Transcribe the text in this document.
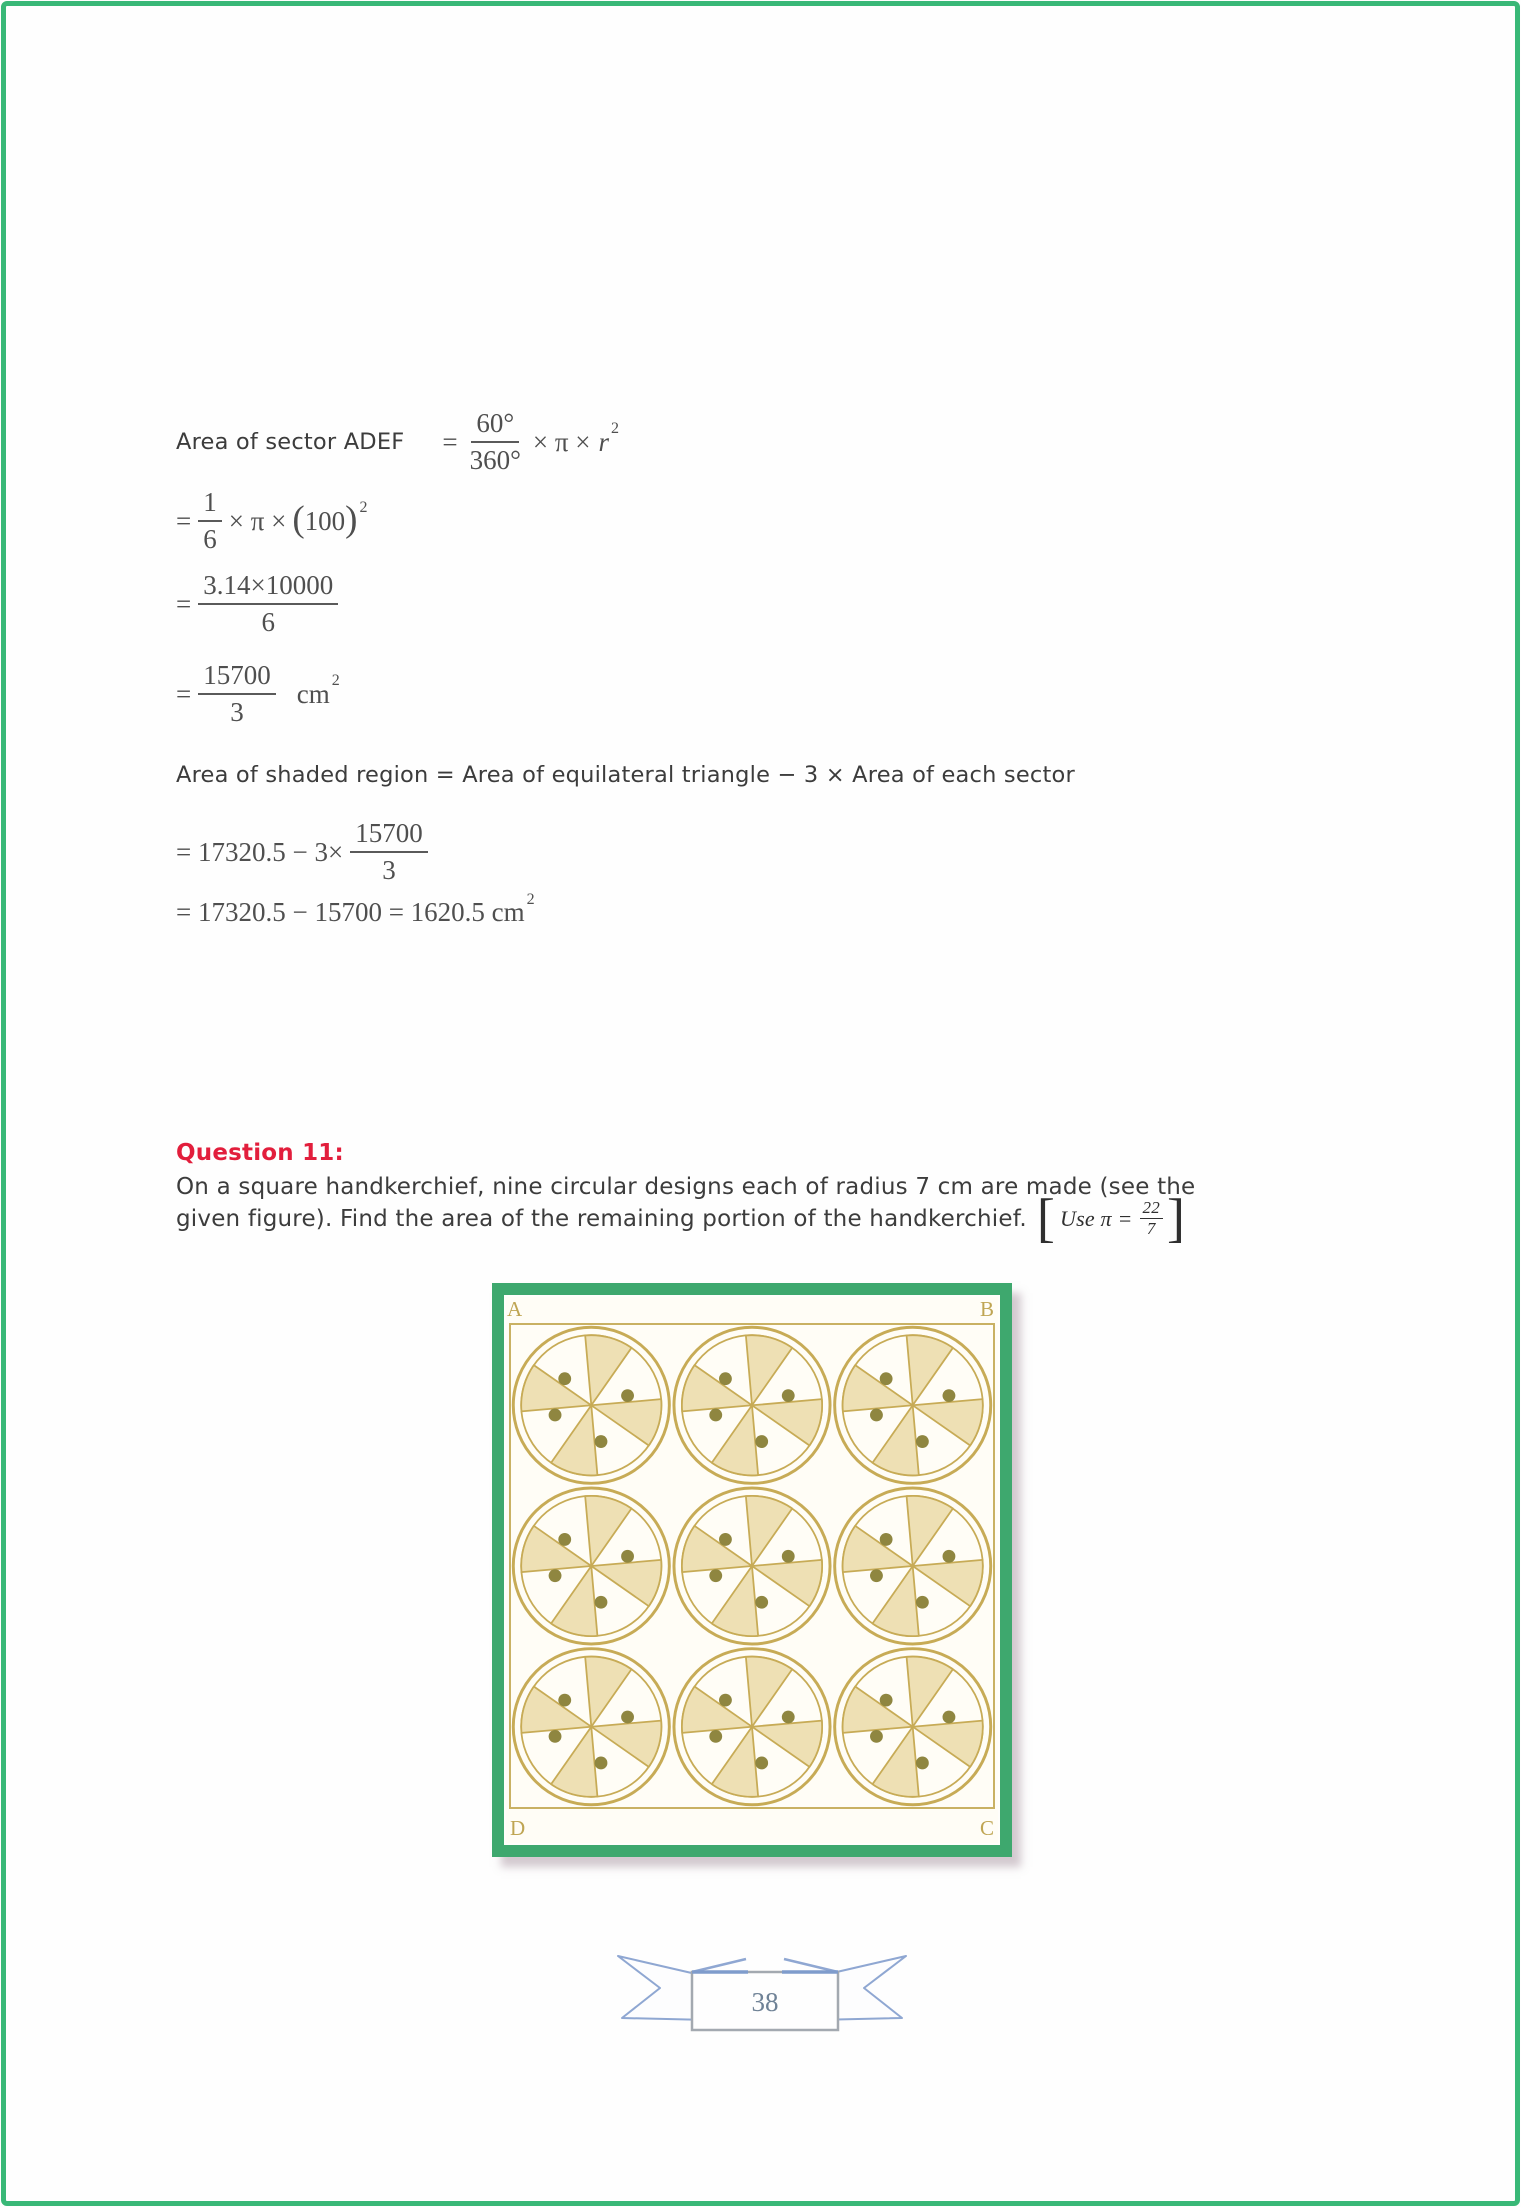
Area of sector ADEF = $\frac{60^\circ}{360^\circ} \times \pi \times r$ 2
= $\frac{1}{6} \times \pi$ × ( 100 ) 2
= $\frac{3.14\times 10000}{6}$
= $\frac{15700}{3}$ cm 2
Area of shaded region = Area of equilateral triangle − 3 × Area of each sector
= $17320.5 - 3\times \frac{15700}{3}$
= 17320.5 − 15700 = 1620.5 cm 2
Question 11:
On a square handkerchief, nine circular designs each of radius 7 cm are made (see the
given figure). Find the area of the remaining portion of the handkerchief. [ Use $\pi = \frac{22}{7}$ ]
A	B
D	C
38
